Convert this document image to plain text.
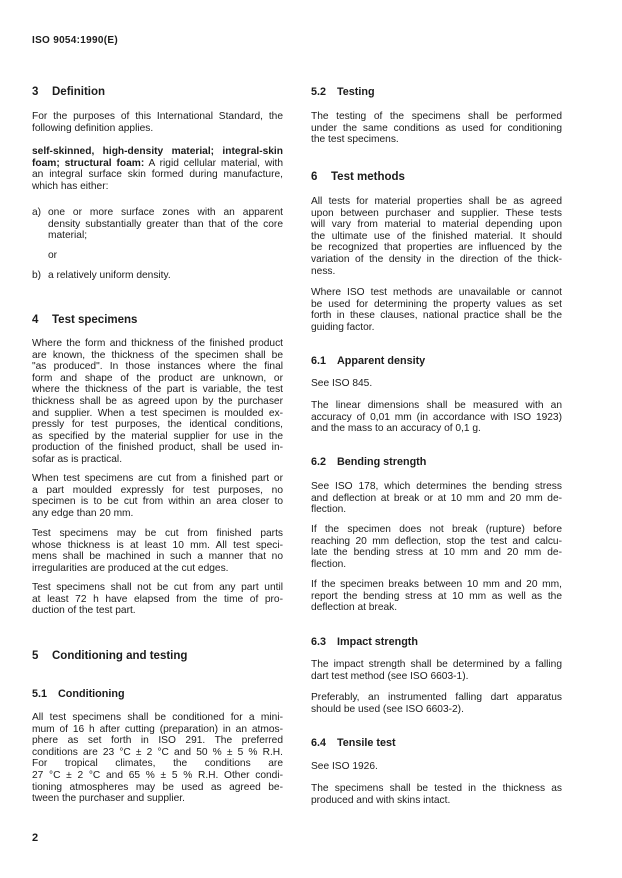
ISO 9054:1990(E)
3 Definition
For the purposes of this International Standard, the
following definition applies.
self-skinned, high-density material; integral-skin
foam; structural foam: A rigid cellular material, with
an integral surface skin formed during manufacture,
which has either:
a) one or more surface zones with an apparent
density substantially greater than that of the core
material;
or
b) a relatively uniform density.
4 Test specimens
Where the form and thickness of the finished product
are known, the thickness of the specimen shall be
"as produced". In those instances where the final
form and shape of the product are unknown, or
where the thickness of the part is variable, the test
thickness shall be as agreed upon by the purchaser
and supplier. When a test specimen is moulded ex-
pressly for test purposes, the identical conditions,
as specified by the material supplier for use in the
production of the finished product, shall be used in-
sofar as is practical.
When test specimens are cut from a finished part or
a part moulded expressly for test purposes, no
specimen is to be cut from within an area closer to
any edge than 20 mm.
Test specimens may be cut from finished parts
whose thickness is at least 10 mm. All test speci-
mens shall be machined in such a manner that no
irregularities are produced at the cut edges.
Test specimens shall not be cut from any part until
at least 72 h have elapsed from the time of pro-
duction of the test part.
5 Conditioning and testing
5.1 Conditioning
All test specimens shall be conditioned for a mini-
mum of 16 h after cutting (preparation) in an atmos-
phere as set forth in ISO 291. The preferred
conditions are 23 °C ± 2 °C and 50 % ± 5 % R.H.
For tropical climates, the conditions are
27 °C ± 2 °C and 65 % ± 5 % R.H. Other condi-
tioning atmospheres may be used as agreed be-
tween the purchaser and supplier.
5.2 Testing
The testing of the specimens shall be performed
under the same conditions as used for conditioning
the test specimens.
6 Test methods
All tests for material properties shall be as agreed
upon between purchaser and supplier. These tests
will vary from material to material depending upon
the ultimate use of the finished material. It should
be recognized that properties are influenced by the
variation of the density in the direction of the thick-
ness.
Where ISO test methods are unavailable or cannot
be used for determining the property values as set
forth in these clauses, national practice shall be the
guiding factor.
6.1 Apparent density
See ISO 845.
The linear dimensions shall be measured with an
accuracy of 0,01 mm (in accordance with ISO 1923)
and the mass to an accuracy of 0,1 g.
6.2 Bending strength
See ISO 178, which determines the bending stress
and deflection at break or at 10 mm and 20 mm de-
flection.
If the specimen does not break (rupture) before
reaching 20 mm deflection, stop the test and calcu-
late the bending stress at 10 mm and 20 mm de-
flection.
If the specimen breaks between 10 mm and 20 mm,
report the bending stress at 10 mm as well as the
deflection at break.
6.3 Impact strength
The impact strength shall be determined by a falling
dart test method (see ISO 6603-1).
Preferably, an instrumented falling dart apparatus
should be used (see ISO 6603-2).
6.4 Tensile test
See ISO 1926.
The specimens shall be tested in the thickness as
produced and with skins intact.
2
